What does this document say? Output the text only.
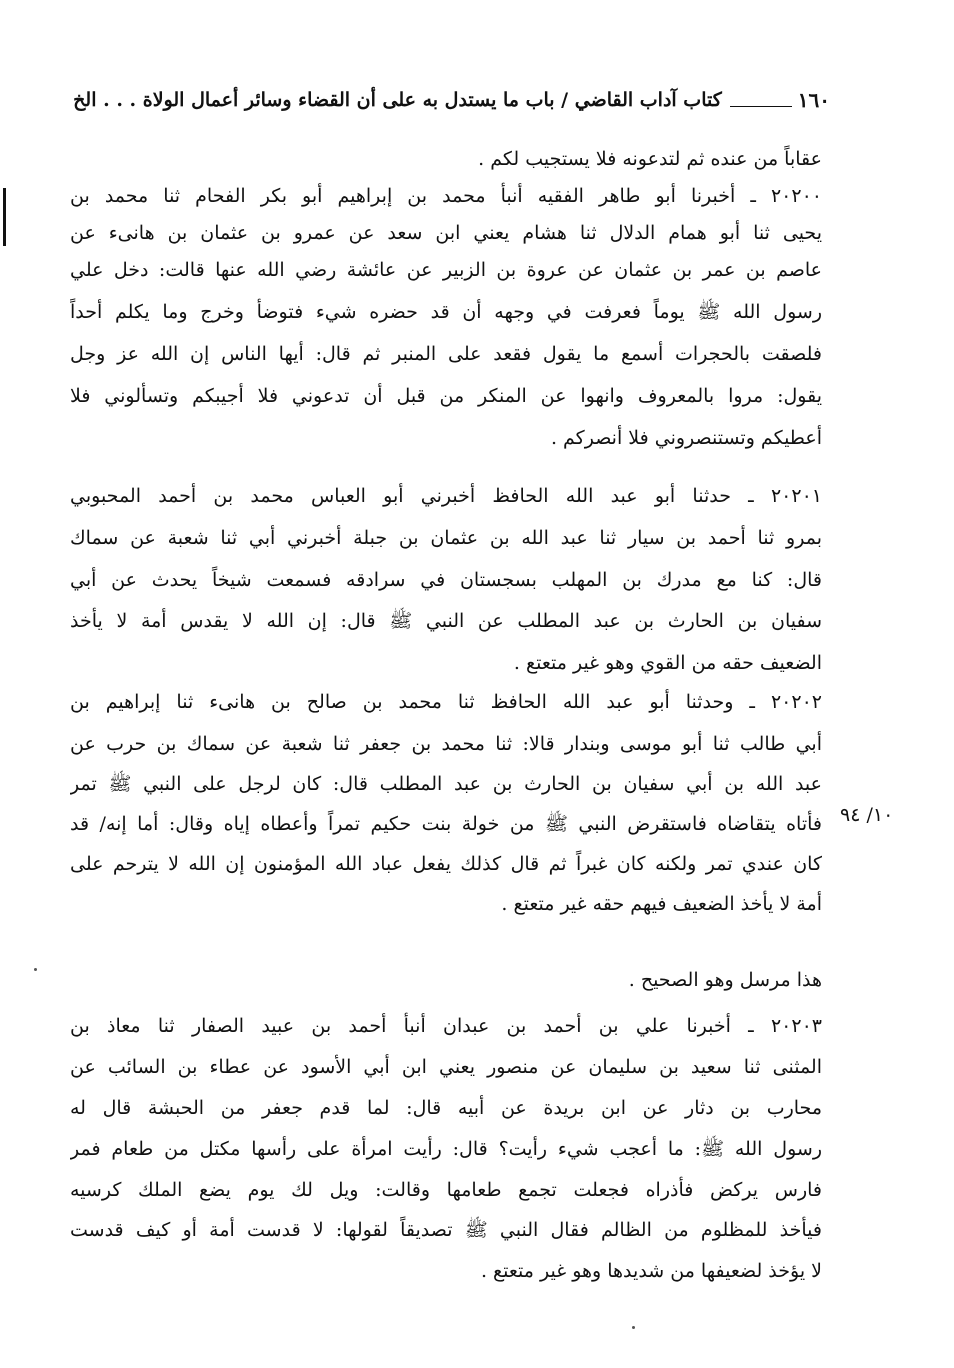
١٦٠
كتاب آداب القاضي / باب ما يستدل به على أن القضاء وسائر أعمال الولاة . . . الخ
عقاباً من عنده ثم لتدعونه فلا يستجيب لكم .
٢٠٢٠٠ ـ أخبرنا أبو طاهر الفقيه أنبأ محمد بن إبراهيم أبو بكر الفحام ثنا محمد بن
يحيى ثنا أبو همام الدلال ثنا هشام يعني ابن سعد عن عمرو بن عثمان بن هانىء عن
عاصم بن عمر بن عثمان عن عروة بن الزبير عن عائشة رضي الله عنها قالت: دخل علي
رسول الله ﷺ يوماً فعرفت في وجهه أن قد حضره شيء فتوضأ وخرج وما يكلم أحداً
فلصقت بالحجرات أسمع ما يقول فقعد على المنبر ثم قال: أيها الناس إن الله عز وجل
يقول: مروا بالمعروف وانهوا عن المنكر من قبل أن تدعوني فلا أجيبكم وتسألوني فلا
أعطيكم وتستنصروني فلا أنصركم .
٢٠٢٠١ ـ حدثنا أبو عبد الله الحافظ أخبرني أبو العباس محمد بن أحمد المحبوبي
بمرو ثنا أحمد بن سيار ثنا عبد الله بن عثمان بن جبلة أخبرني أبي ثنا شعبة عن سماك
قال: كنا مع مدرك بن المهلب بسجستان في سرادقه فسمعت شيخاً يحدث عن أبي
سفيان بن الحارث بن عبد المطلب عن النبي ﷺ قال: إن الله لا يقدس أمة لا يأخذ
الضعيف حقه من القوي وهو غير متعتع .
٢٠٢٠٢ ـ وحدثنا أبو عبد الله الحافظ ثنا محمد بن صالح بن هانىء ثنا إبراهيم بن
أبي طالب ثنا أبو موسى وبندار قالا: ثنا محمد بن جعفر ثنا شعبة عن سماك بن حرب عن
عبد الله بن أبي سفيان بن الحارث بن عبد المطلب قال: كان لرجل على النبي ﷺ تمر
فأتاه يتقاضاه فاستقرض النبي ﷺ من خولة بنت حكيم تمراً وأعطاه إياه وقال: أما إنه/ قد ١٠/ ٩٤
كان عندي تمر ولكنه كان غبراً ثم قال كذلك يفعل عباد الله المؤمنون إن الله لا يترحم على
أمة لا يأخذ الضعيف فيهم حقه غير متعتع .
هذا مرسل وهو الصحيح .
٢٠٢٠٣ ـ أخبرنا علي بن أحمد بن عبدان أنبأ أحمد بن عبيد الصفار ثنا معاذ بن
المثنى ثنا سعيد بن سليمان عن منصور يعني ابن أبي الأسود عن عطاء بن السائب عن
محارب بن دثار عن ابن بريدة عن أبيه قال: لما قدم جعفر من الحبشة قال له
رسول الله ﷺ: ما أعجب شيء رأيت؟ قال: رأيت امرأة على رأسها مكتل من طعام فمر
فارس يركض فأذراه فجعلت تجمع طعامها وقالت: ويل لك يوم يضع الملك كرسيه
فيأخذ للمظلوم من الظالم فقال النبي ﷺ تصديقاً لقولها: لا قدست أمة أو كيف قدست
لا يؤخذ لضعيفها من شديدها وهو غير متعتع .
